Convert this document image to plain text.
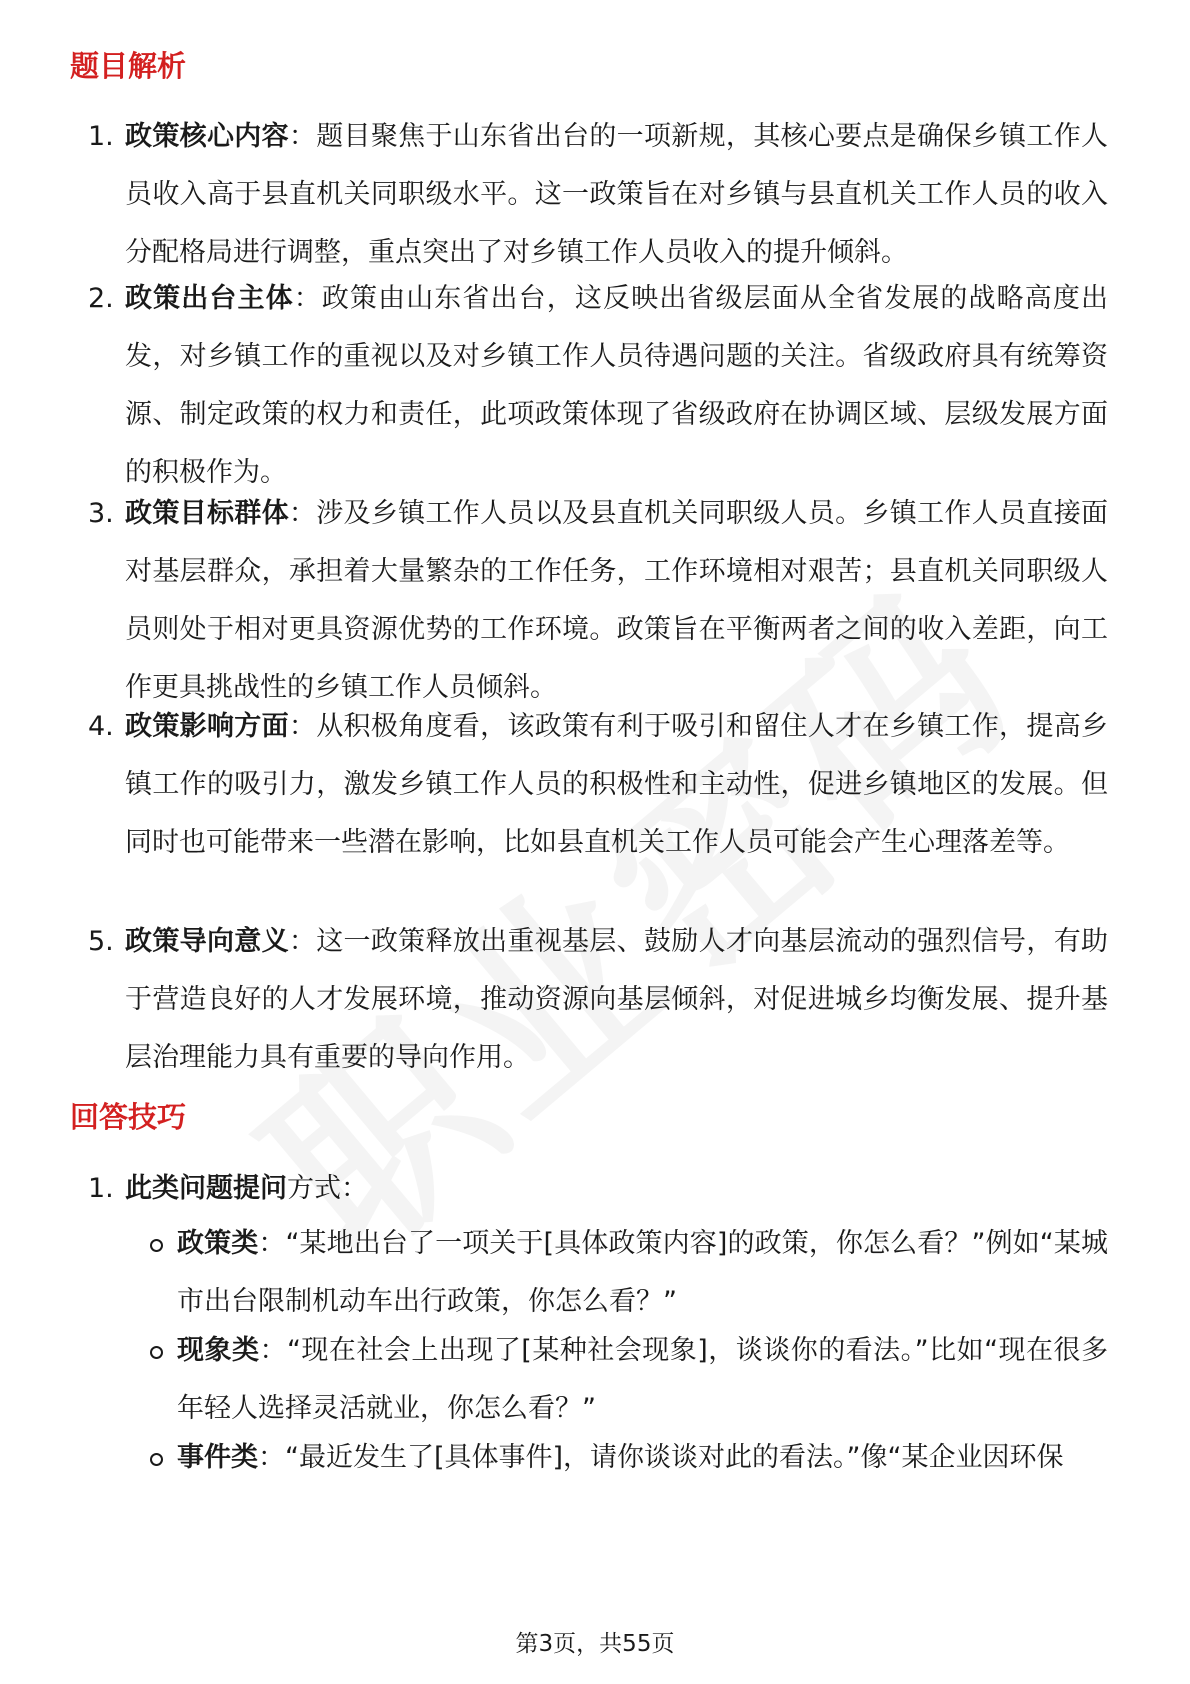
题目解析
1. 政策核心内容：题目聚焦于山东省出台的一项新规，其核心要点是确保乡镇工作人员收入高于县直机关同职级水平。这一政策旨在对乡镇与县直机关工作人员的收入分配格局进行调整，重点突出了对乡镇工作人员收入的提升倾斜。
2. 政策出台主体：政策由山东省出台，这反映出省级层面从全省发展的战略高度出发，对乡镇工作的重视以及对乡镇工作人员待遇问题的关注。省级政府具有统筹资源、制定政策的权力和责任，此项政策体现了省级政府在协调区域、层级发展方面的积极作为。
3. 政策目标群体：涉及乡镇工作人员以及县直机关同职级人员。乡镇工作人员直接面对基层群众，承担着大量繁杂的工作任务，工作环境相对艰苦；县直机关同职级人员则处于相对更具资源优势的工作环境。政策旨在平衡两者之间的收入差距，向工作更具挑战性的乡镇工作人员倾斜。
4. 政策影响方面：从积极角度看，该政策有利于吸引和留住人才在乡镇工作，提高乡镇工作的吸引力，激发乡镇工作人员的积极性和主动性，促进乡镇地区的发展。但同时也可能带来一些潜在影响，比如县直机关工作人员可能会产生心理落差等。
5. 政策导向意义：这一政策释放出重视基层、鼓励人才向基层流动的强烈信号，有助于营造良好的人才发展环境，推动资源向基层倾斜，对促进城乡均衡发展、提升基层治理能力具有重要的导向作用。
回答技巧
1. 此类问题提问方式：
政策类：“某地出台了一项关于[具体政策内容]的政策，你怎么看？”例如“某城市出台限制机动车出行政策，你怎么看？”
现象类：“现在社会上出现了[某种社会现象]，谈谈你的看法。”比如“现在很多年轻人选择灵活就业，你怎么看？”
事件类：“最近发生了[具体事件]，请你谈谈对此的看法。”像“某企业因环保
第3页，共55页
